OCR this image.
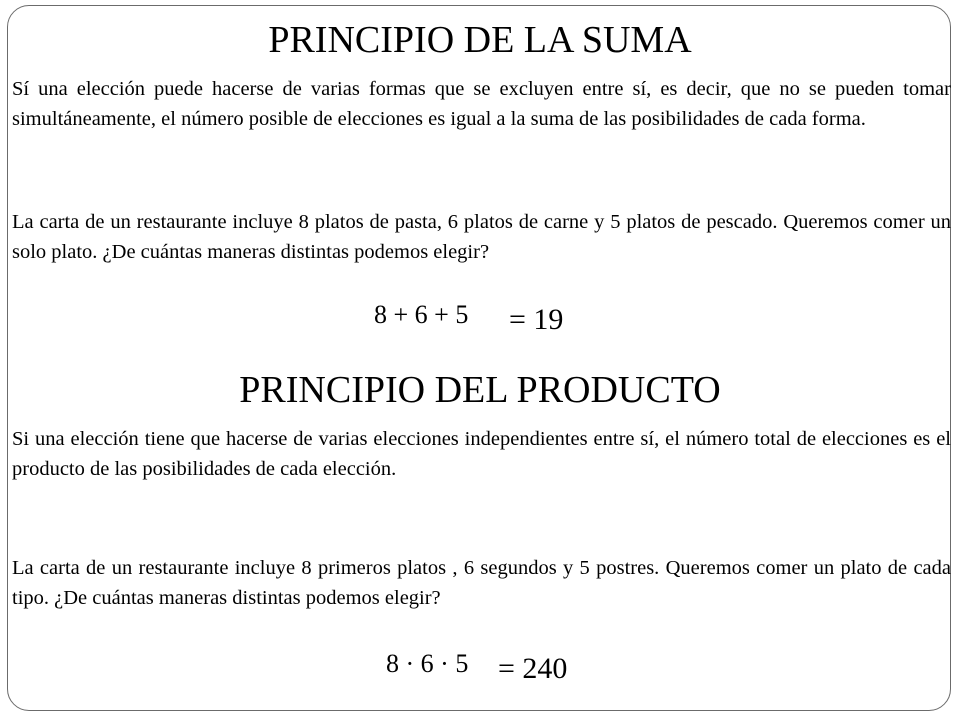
PRINCIPIO DE LA SUMA

Sí una elección puede hacerse de varias formas que se excluyen entre sí, es decir, que no se pueden tomar simultáneamente, el número posible de elecciones es igual a la suma de las posibilidades de cada forma.

La carta de un restaurante incluye 8 platos de pasta, 6 platos de carne y 5 platos de pescado. Queremos comer un solo plato. ¿De cuántas maneras distintas podemos elegir?

8 + 6 + 5 = 19
PRINCIPIO DEL PRODUCTO

Si una elección tiene que hacerse de varias elecciones independientes entre sí, el número total de elecciones es el producto de las posibilidades de cada elección.

La carta de un restaurante incluye 8 primeros platos , 6 segundos y 5 postres. Queremos comer un plato de cada tipo. ¿De cuántas maneras distintas podemos elegir?

8 · 6 · 5 = 240
